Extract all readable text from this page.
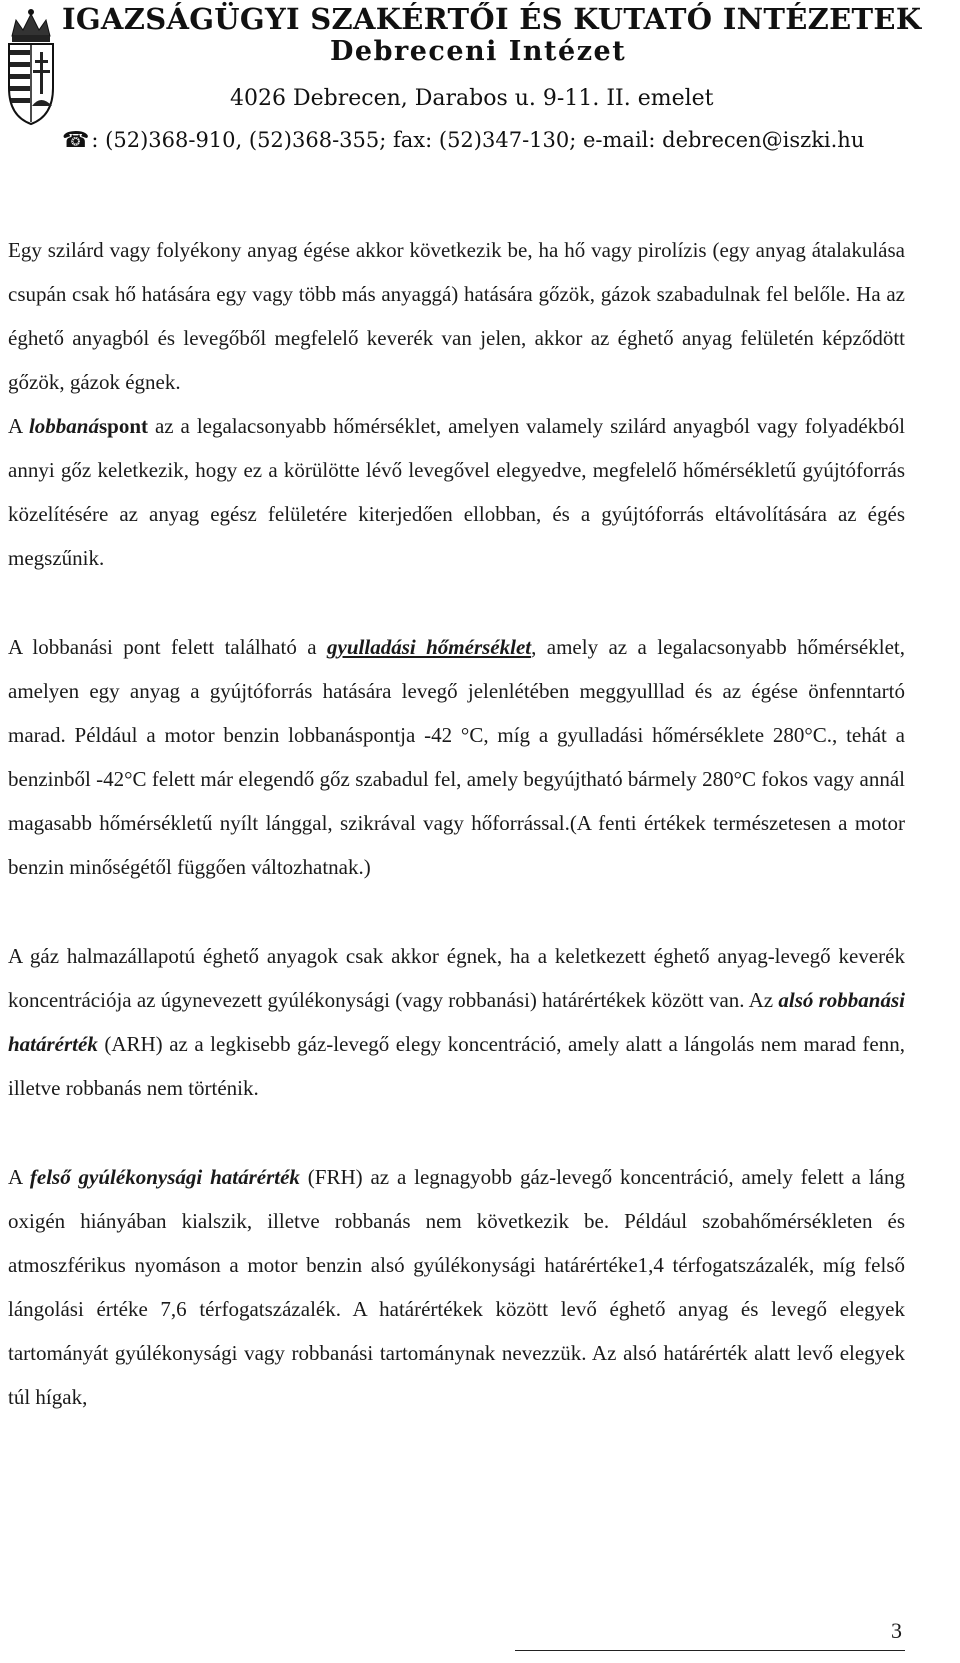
IGAZSÁGÜGYI SZAKÉRTŐI ÉS KUTATÓ INTÉZETEK
Debreceni Intézet
4026 Debrecen, Darabos u. 9-11. II. emelet
☎: (52)368-910, (52)368-355; fax: (52)347-130; e-mail: debrecen@iszki.hu

Egy szilárd vagy folyékony anyag égése akkor következik be, ha hő vagy pirolízis (egy anyag átalakulása csupán csak hő hatására egy vagy több más anyaggá) hatására gőzök, gázok szabadulnak fel belőle. Ha az éghető anyagból és levegőből megfelelő keverék van jelen, akkor az éghető anyag felületén képződött gőzök, gázok égnek.

A lobbanáspont az a legalacsonyabb hőmérséklet, amelyen valamely szilárd anyagból vagy folyadékból annyi gőz keletkezik, hogy ez a körülötte lévő levegővel elegyedve, megfelelő hőmérsékletű gyújtóforrás közelítésére az anyag egész felületére kiterjedően ellobban, és a gyújtóforrás eltávolítására az égés megszűnik.

A lobbanási pont felett található a gyulladási hőmérséklet, amely az a legalacsonyabb hőmérséklet, amelyen egy anyag a gyújtóforrás hatására levegő jelenlétében meggyulllad és az égése önfenntartó marad. Például a motor benzin lobbanáspontja -42 °C, míg a gyulladási hőmérséklete 280°C., tehát a benzinből -42°C felett már elegendő gőz szabadul fel, amely begyújtható bármely 280°C fokos vagy annál magasabb hőmérsékletű nyílt lánggal, szikrával vagy hőforrással.(A fenti értékek természetesen a motor benzin minőségétől függően változhatnak.)

A gáz halmazállapotú éghető anyagok csak akkor égnek, ha a keletkezett éghető anyag-levegő keverék koncentrációja az úgynevezett gyúlékonysági (vagy robbanási) határértékek között van. Az alsó robbanási határérték (ARH) az a legkisebb gáz-levegő elegy koncentráció, amely alatt a lángolás nem marad fenn, illetve robbanás nem történik.

A felső gyúlékonysági határérték (FRH) az a legnagyobb gáz-levegő koncentráció, amely felett a láng oxigén hiányában kialszik, illetve robbanás nem következik be. Például szobahőmérsékleten és atmoszférikus nyomáson a motor benzin alsó gyúlékonysági határértéke1,4 térfogatszázalék, míg felső lángolási értéke 7,6 térfogatszázalék. A határértékek között levő éghető anyag és levegő elegyek tartományát gyúlékonysági vagy robbanási tartománynak nevezzük. Az alsó határérték alatt levő elegyek túl hígak,

3
